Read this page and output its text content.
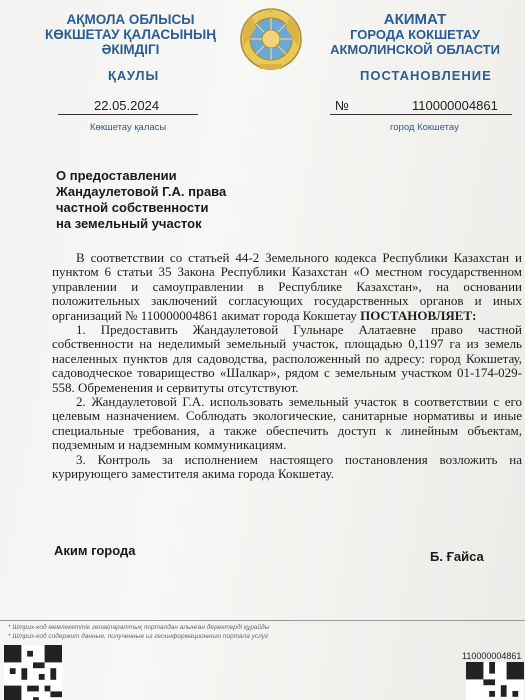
АҚМОЛА ОБЛЫСЫ
КӨКШЕТАУ ҚАЛАСЫНЫҢ
ӘКІМДІГІ
АКИМАТ
ГОРОДА КОКШЕТАУ
АКМОЛИНСКОЙ ОБЛАСТИ
ҚАУЛЫ	ПОСТАНОВЛЕНИЕ
22.05.2024	№	110000004861
Көкшетау қаласы	город Кокшетау
О предоставлении
Жандаулетовой Г.А. права
частной собственности
на земельный участок

В соответствии со статьей 44-2 Земельного кодекса Республики Казахстан и пунктом 6 статьи 35 Закона Республики Казахстан «О местном государственном управлении и самоуправлении в Республике Казахстан», на основании положительных заключений согласующих государственных органов и иных организаций № 110000004861 акимат города Кокшетау ПОСТАНОВЛЯЕТ:

1. Предоставить Жандаулетовой Гульнаре Алатаевне право частной собственности на неделимый земельный участок, площадью 0,1197 га из земель населенных пунктов для садоводства, расположенный по адресу: город Кокшетау, садоводческое товарищество «Шалкар», рядом с земельным участком 01-174-029-558. Обременения и сервитуты отсутствуют.

2. Жандаулетовой Г.А. использовать земельный участок в соответствии с его целевым назначением. Соблюдать экологические, санитарные нормативы и иные специальные требования, а также обеспечить доступ к линейным объектам, подземным и надземным коммуникациям.

3. Контроль за исполнением настоящего постановления возложить на курирующего заместителя акима города Кокшетау.

Аким города	Б. Ғайса
* Штрих-код мемлекеттік геоақпараттық порталдан алынған деректерді құрайды
* Штрих-код содержит данные, полученные из геоинформационного портала услуг
110000004861
